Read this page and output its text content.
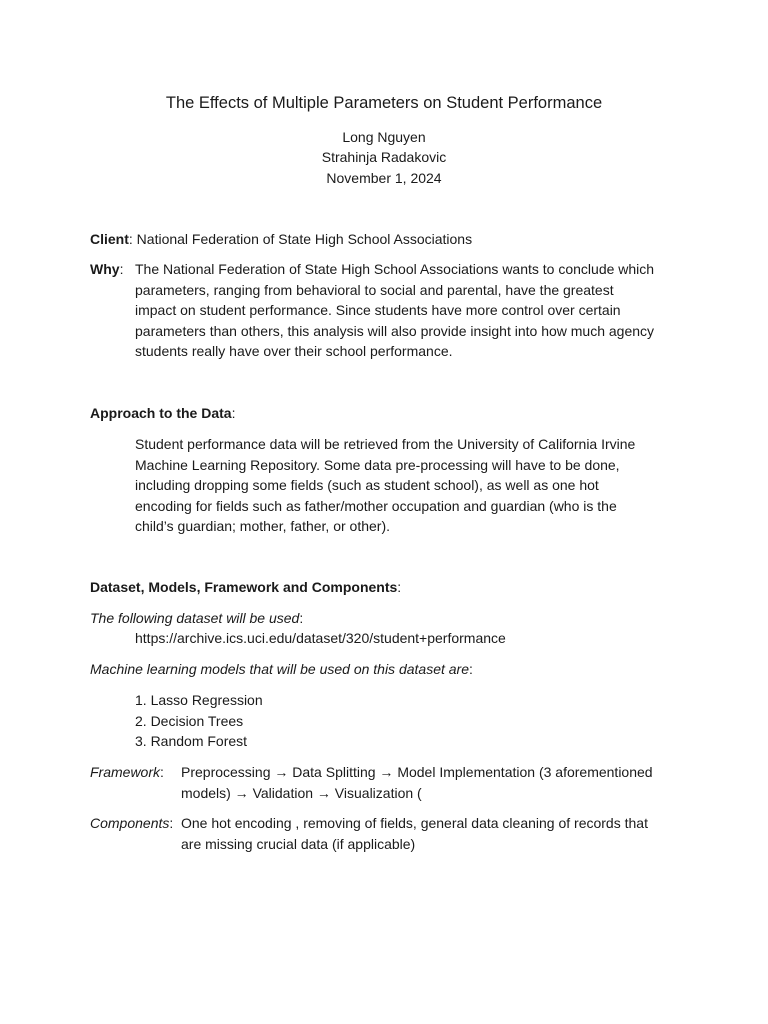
The Effects of Multiple Parameters on Student Performance
Long Nguyen
Strahinja Radakovic
November 1, 2024
Client: National Federation of State High School Associations
Why: The National Federation of State High School Associations wants to conclude which
parameters, ranging from behavioral to social and parental, have the greatest
impact on student performance. Since students have more control over certain
parameters than others, this analysis will also provide insight into how much agency
students really have over their school performance.
Approach to the Data:
Student performance data will be retrieved from the University of California Irvine
Machine Learning Repository. Some data pre-processing will have to be done,
including dropping some fields (such as student school), as well as one hot
encoding for fields such as father/mother occupation and guardian (who is the
child’s guardian; mother, father, or other).
Dataset, Models, Framework and Components:
The following dataset will be used:
https://archive.ics.uci.edu/dataset/320/student+performance
Machine learning models that will be used on this dataset are:
1. Lasso Regression
2. Decision Trees
3. Random Forest
Framework: Preprocessing → Data Splitting → Model Implementation (3 aforementioned
models) → Validation → Visualization (
Components: One hot encoding , removing of fields, general data cleaning of records that
are missing crucial data (if applicable)
